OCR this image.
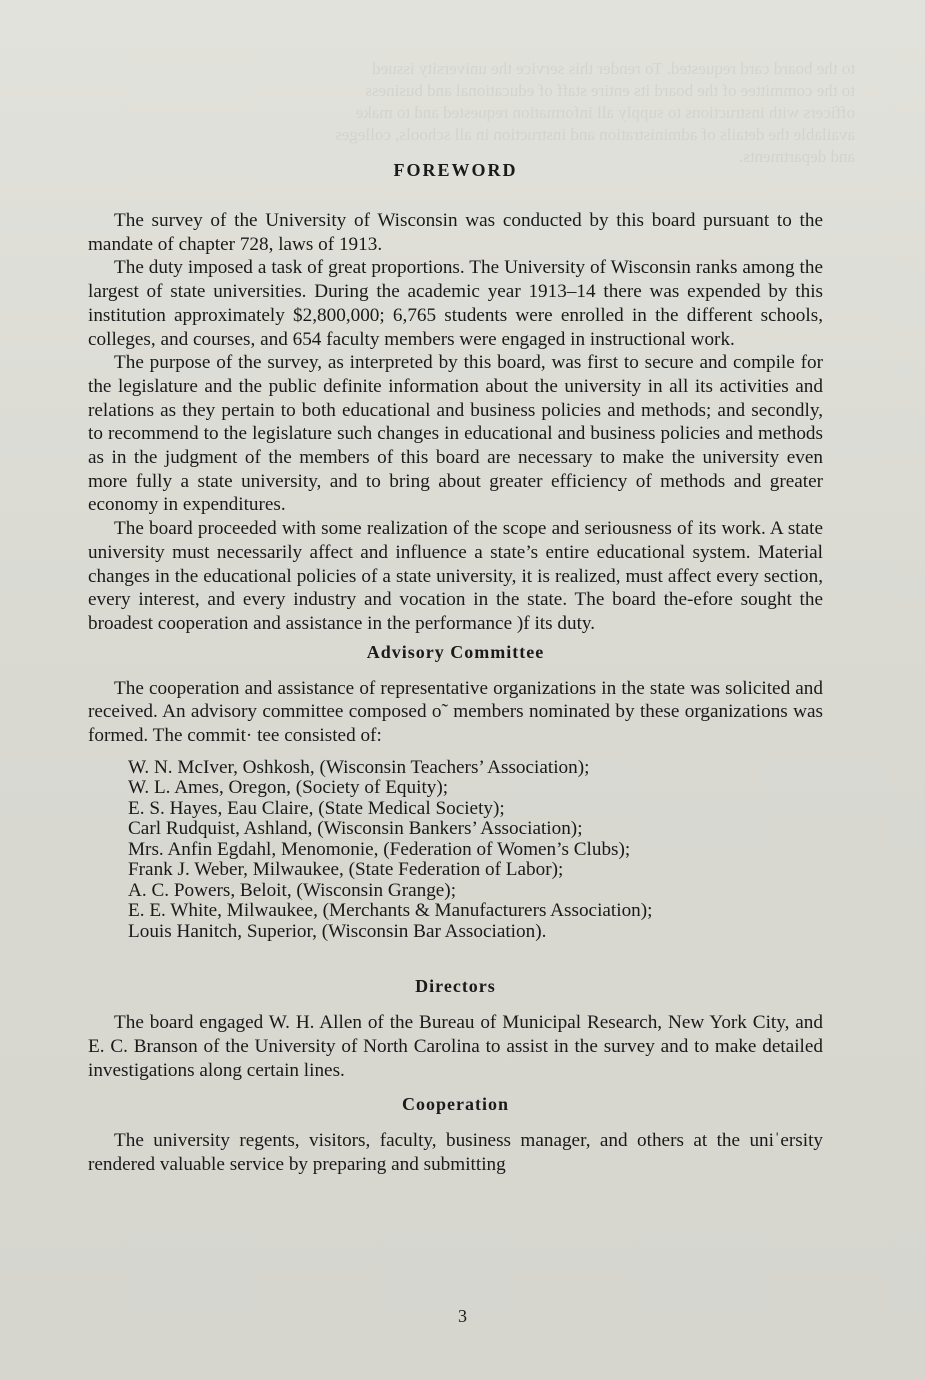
to the board card requested. To render this service the university issued
to the committee of the board its entire staff of educational and business
officers with instructions to supply all information requested and to make
available the details of administration and instruction in all schools, colleges
and departments.
FOREWORD

The survey of the University of Wisconsin was conducted by this board pursuant to the mandate of chapter 728, laws of 1913.

The duty imposed a task of great proportions. The University of Wisconsin ranks among the largest of state universities. During the academic year 1913–14 there was expended by this institution approximately $2,800,000; 6,765 students were enrolled in the different schools, colleges, and courses, and 654 faculty members were engaged in instructional work.

The purpose of the survey, as interpreted by this board, was first to secure and compile for the legislature and the public definite information about the university in all its activities and relations as they pertain to both educational and business policies and methods; and secondly, to recommend to the legislature such changes in educational and business policies and methods as in the judgment of the members of this board are necessary to make the university even more fully a state university, and to bring about greater efficiency of methods and greater economy in expenditures.

The board proceeded with some realization of the scope and seriousness of its work. A state university must necessarily affect and influence a state’s entire educational system. Material changes in the educational policies of a state university, it is realized, must affect every section, every interest, and every industry and vocation in the state. The board the-efore sought the broadest cooperation and assistance in the performance )f its duty.

Advisory Committee

The cooperation and assistance of representative organizations in the state was solicited and received. An advisory committee composed o˜ members nominated by these organizations was formed. The commit· tee consisted of:

W. N. McIver, Oshkosh, (Wisconsin Teachers’ Association);
W. L. Ames, Oregon, (Society of Equity);
E. S. Hayes, Eau Claire, (State Medical Society);
Carl Rudquist, Ashland, (Wisconsin Bankers’ Association);
Mrs. Anfin Egdahl, Menomonie, (Federation of Women’s Clubs);
Frank J. Weber, Milwaukee, (State Federation of Labor);
A. C. Powers, Beloit, (Wisconsin Grange);
E. E. White, Milwaukee, (Merchants & Manufacturers Association);
Louis Hanitch, Superior, (Wisconsin Bar Association).
Directors

The board engaged W. H. Allen of the Bureau of Municipal Research, New York City, and E. C. Branson of the University of North Carolina to assist in the survey and to make detailed investigations along certain lines.

Cooperation

The university regents, visitors, faculty, business manager, and others at the uniˈersity rendered valuable service by preparing and submitting

3
